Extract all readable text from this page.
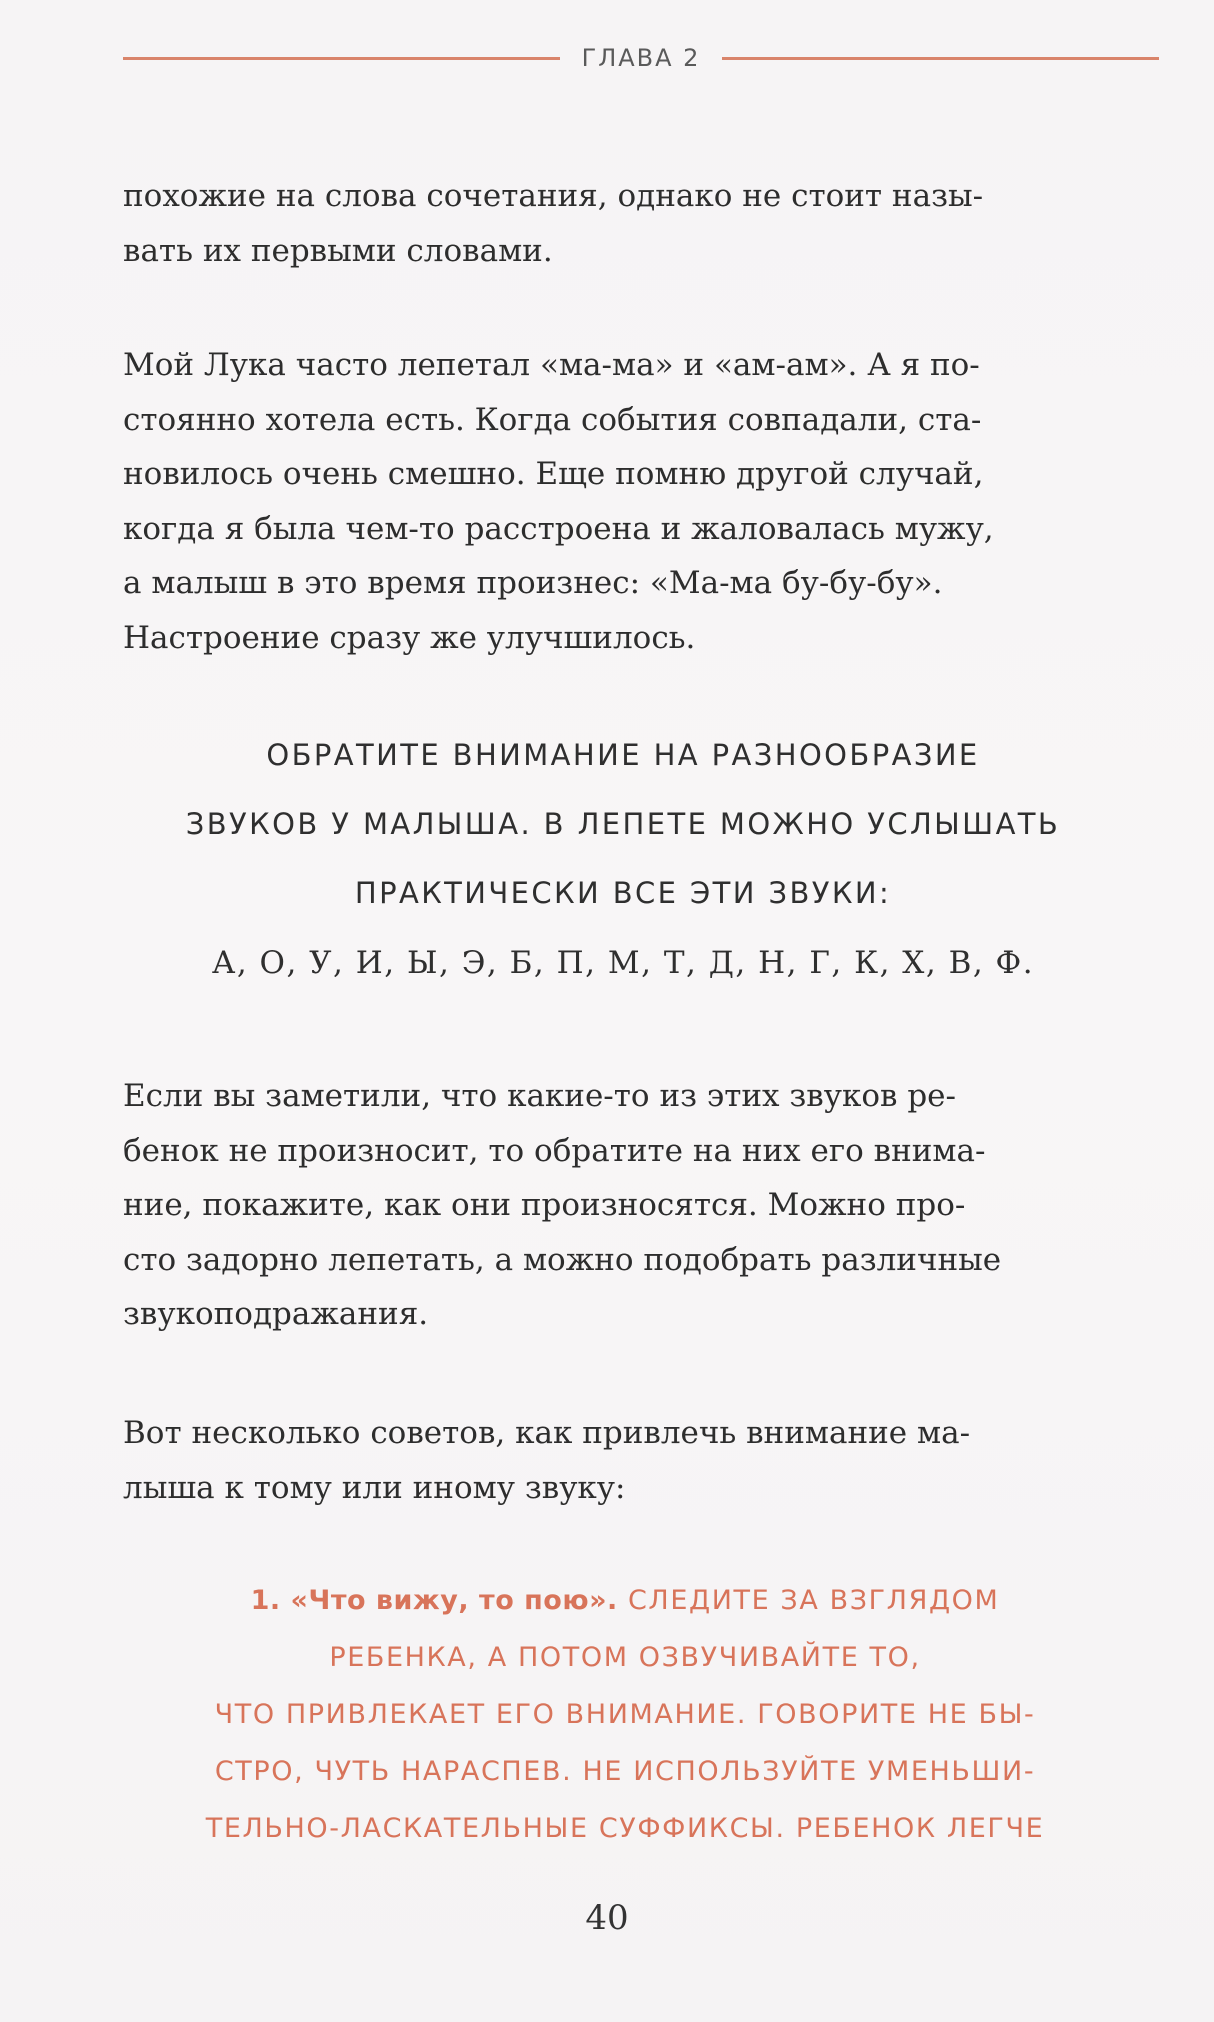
ГЛАВА 2
похожие на слова сочетания, однако не стоит назы-
вать их первыми словами.
Мой Лука часто лепетал «ма-ма» и «ам-ам». А я по-
стоянно хотела есть. Когда события совпадали, ста-
новилось очень смешно. Еще помню другой случай,
когда я была чем-то расстроена и жаловалась мужу,
а малыш в это время произнес: «Ма-ма бу-бу-бу».
Настроение сразу же улучшилось.
ОБРАТИТЕ ВНИМАНИЕ НА РАЗНООБРАЗИЕ
ЗВУКОВ У МАЛЫША. В ЛЕПЕТЕ МОЖНО УСЛЫШАТЬ
ПРАКТИЧЕСКИ ВСЕ ЭТИ ЗВУКИ:
А, О, У, И, Ы, Э, Б, П, М, Т, Д, Н, Г, К, Х, В, Ф.
Если вы заметили, что какие-то из этих звуков ре-
бенок не произносит, то обратите на них его внима-
ние, покажите, как они произносятся. Можно про-
сто задорно лепетать, а можно подобрать различные
звукоподражания.
Вот несколько советов, как привлечь внимание ма-
лыша к тому или иному звуку:
1. «Что вижу, то пою». СЛЕДИТЕ ЗА ВЗГЛЯДОМ
РЕБЕНКА, А ПОТОМ ОЗВУЧИВАЙТЕ ТО,
ЧТО ПРИВЛЕКАЕТ ЕГО ВНИМАНИЕ. ГОВОРИТЕ НЕ БЫ-
СТРО, ЧУТЬ НАРАСПЕВ. НЕ ИСПОЛЬЗУЙТЕ УМЕНЬШИ-
ТЕЛЬНО-ЛАСКАТЕЛЬНЫЕ СУФФИКСЫ. РЕБЕНОК ЛЕГЧЕ
40
